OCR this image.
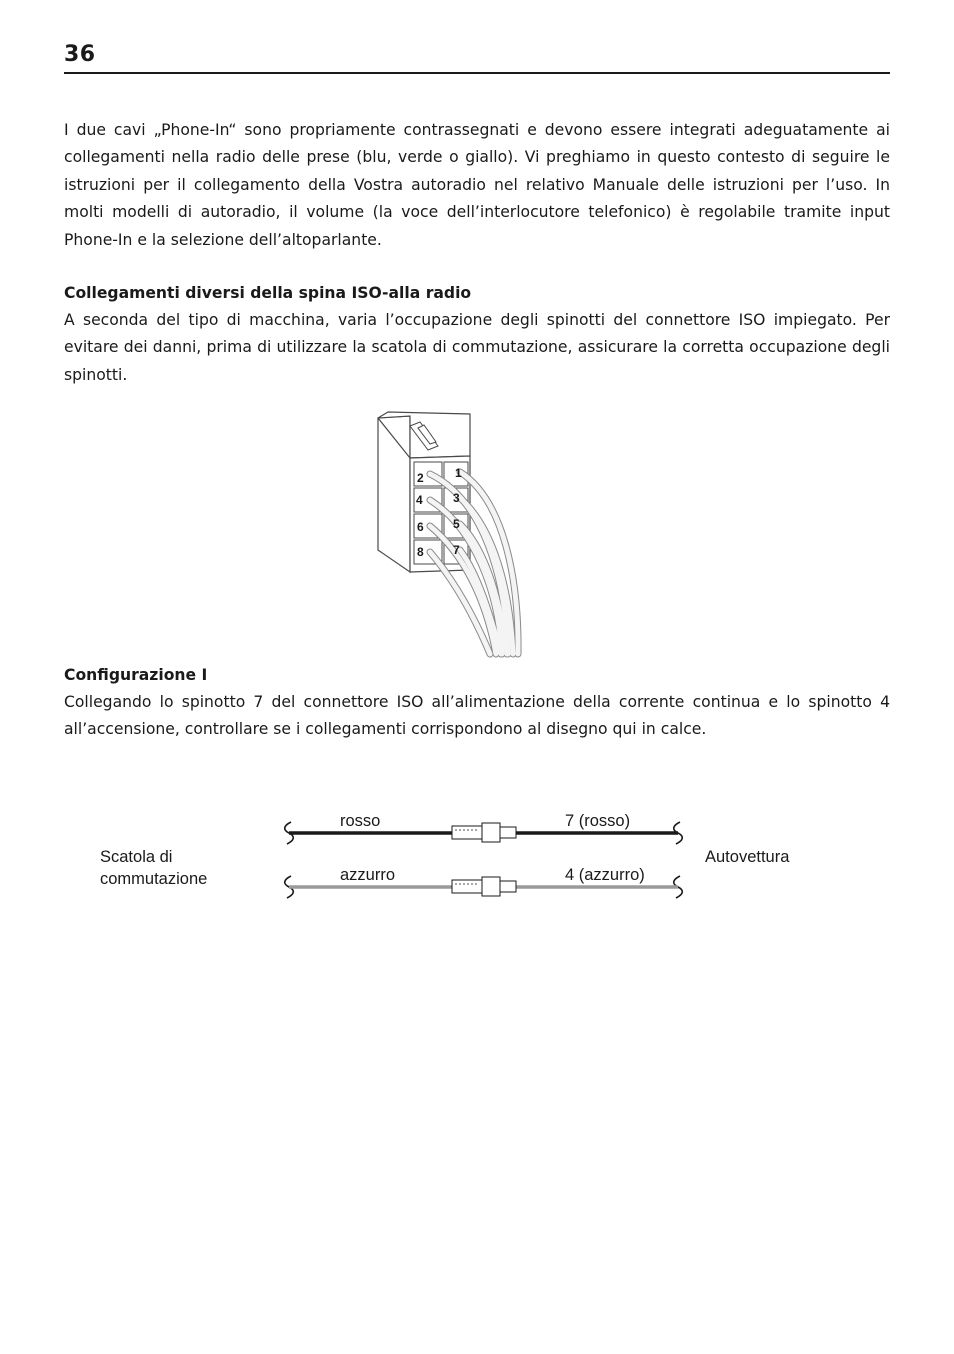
36

I due cavi „Phone-In“ sono propriamente contrassegnati e devono essere integrati adeguatamente ai collegamenti nella radio delle prese (blu, verde o giallo). Vi preghiamo in questo contesto di seguire le istruzioni per il collegamento della Vostra autoradio nel relativo Manuale delle istruzioni per l’uso. In molti modelli di autoradio, il volume (la voce dell’interlocutore telefonico) è regolabile tramite input Phone-In e la selezione dell’altoparlante.

Collegamenti diversi della spina ISO-alla radio

A seconda del tipo di macchina, varia l’occupazione degli spinotti del connettore ISO impiegato. Per evitare dei danni, prima di utilizzare la scatola di commutazione, assicurare la corretta occupazione degli spinotti.

1
2
3
4
5
6
7
8

Configurazione I

Collegando lo spinotto 7 del connettore ISO all’alimentazione della corrente continua e lo spinotto 4 all’accensione, controllare se i collegamenti corrispondono al disegno qui in calce.

Scatola di
commutazione
Autovettura
rosso	7 (rosso)
azzurro	4 (azzurro)
